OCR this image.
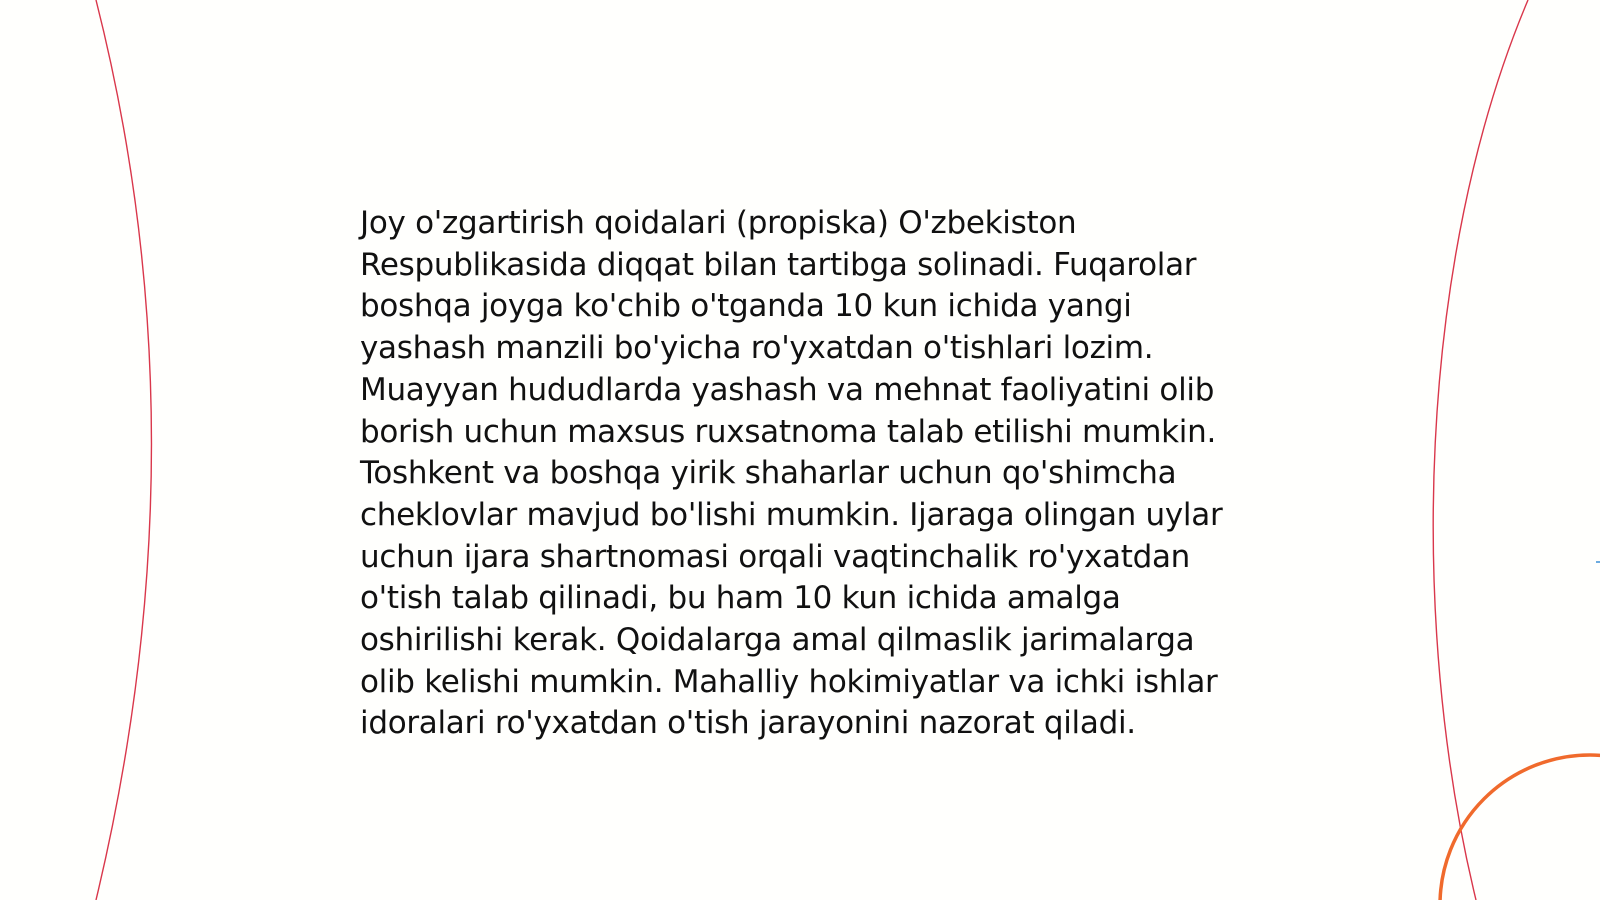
Joy o'zgartirish qoidalari (propiska) O'zbekiston Respublikasida diqqat bilan tartibga solinadi. Fuqarolar boshqa joyga ko'chib o'tganda 10 kun ichida yangi yashash manzili bo'yicha ro'yxatdan o'tishlari lozim. Muayyan hududlarda yashash va mehnat faoliyatini olib borish uchun maxsus ruxsatnoma talab etilishi mumkin. Toshkent va boshqa yirik shaharlar uchun qo'shimcha cheklovlar mavjud bo'lishi mumkin. Ijaraga olingan uylar uchun ijara shartnomasi orqali vaqtinchalik ro'yxatdan o'tish talab qilinadi, bu ham 10 kun ichida amalga oshirilishi kerak. Qoidalarga amal qilmaslik jarimalarga olib kelishi mumkin. Mahalliy hokimiyatlar va ichki ishlar idoralari ro'yxatdan o'tish jarayonini nazorat qiladi.
